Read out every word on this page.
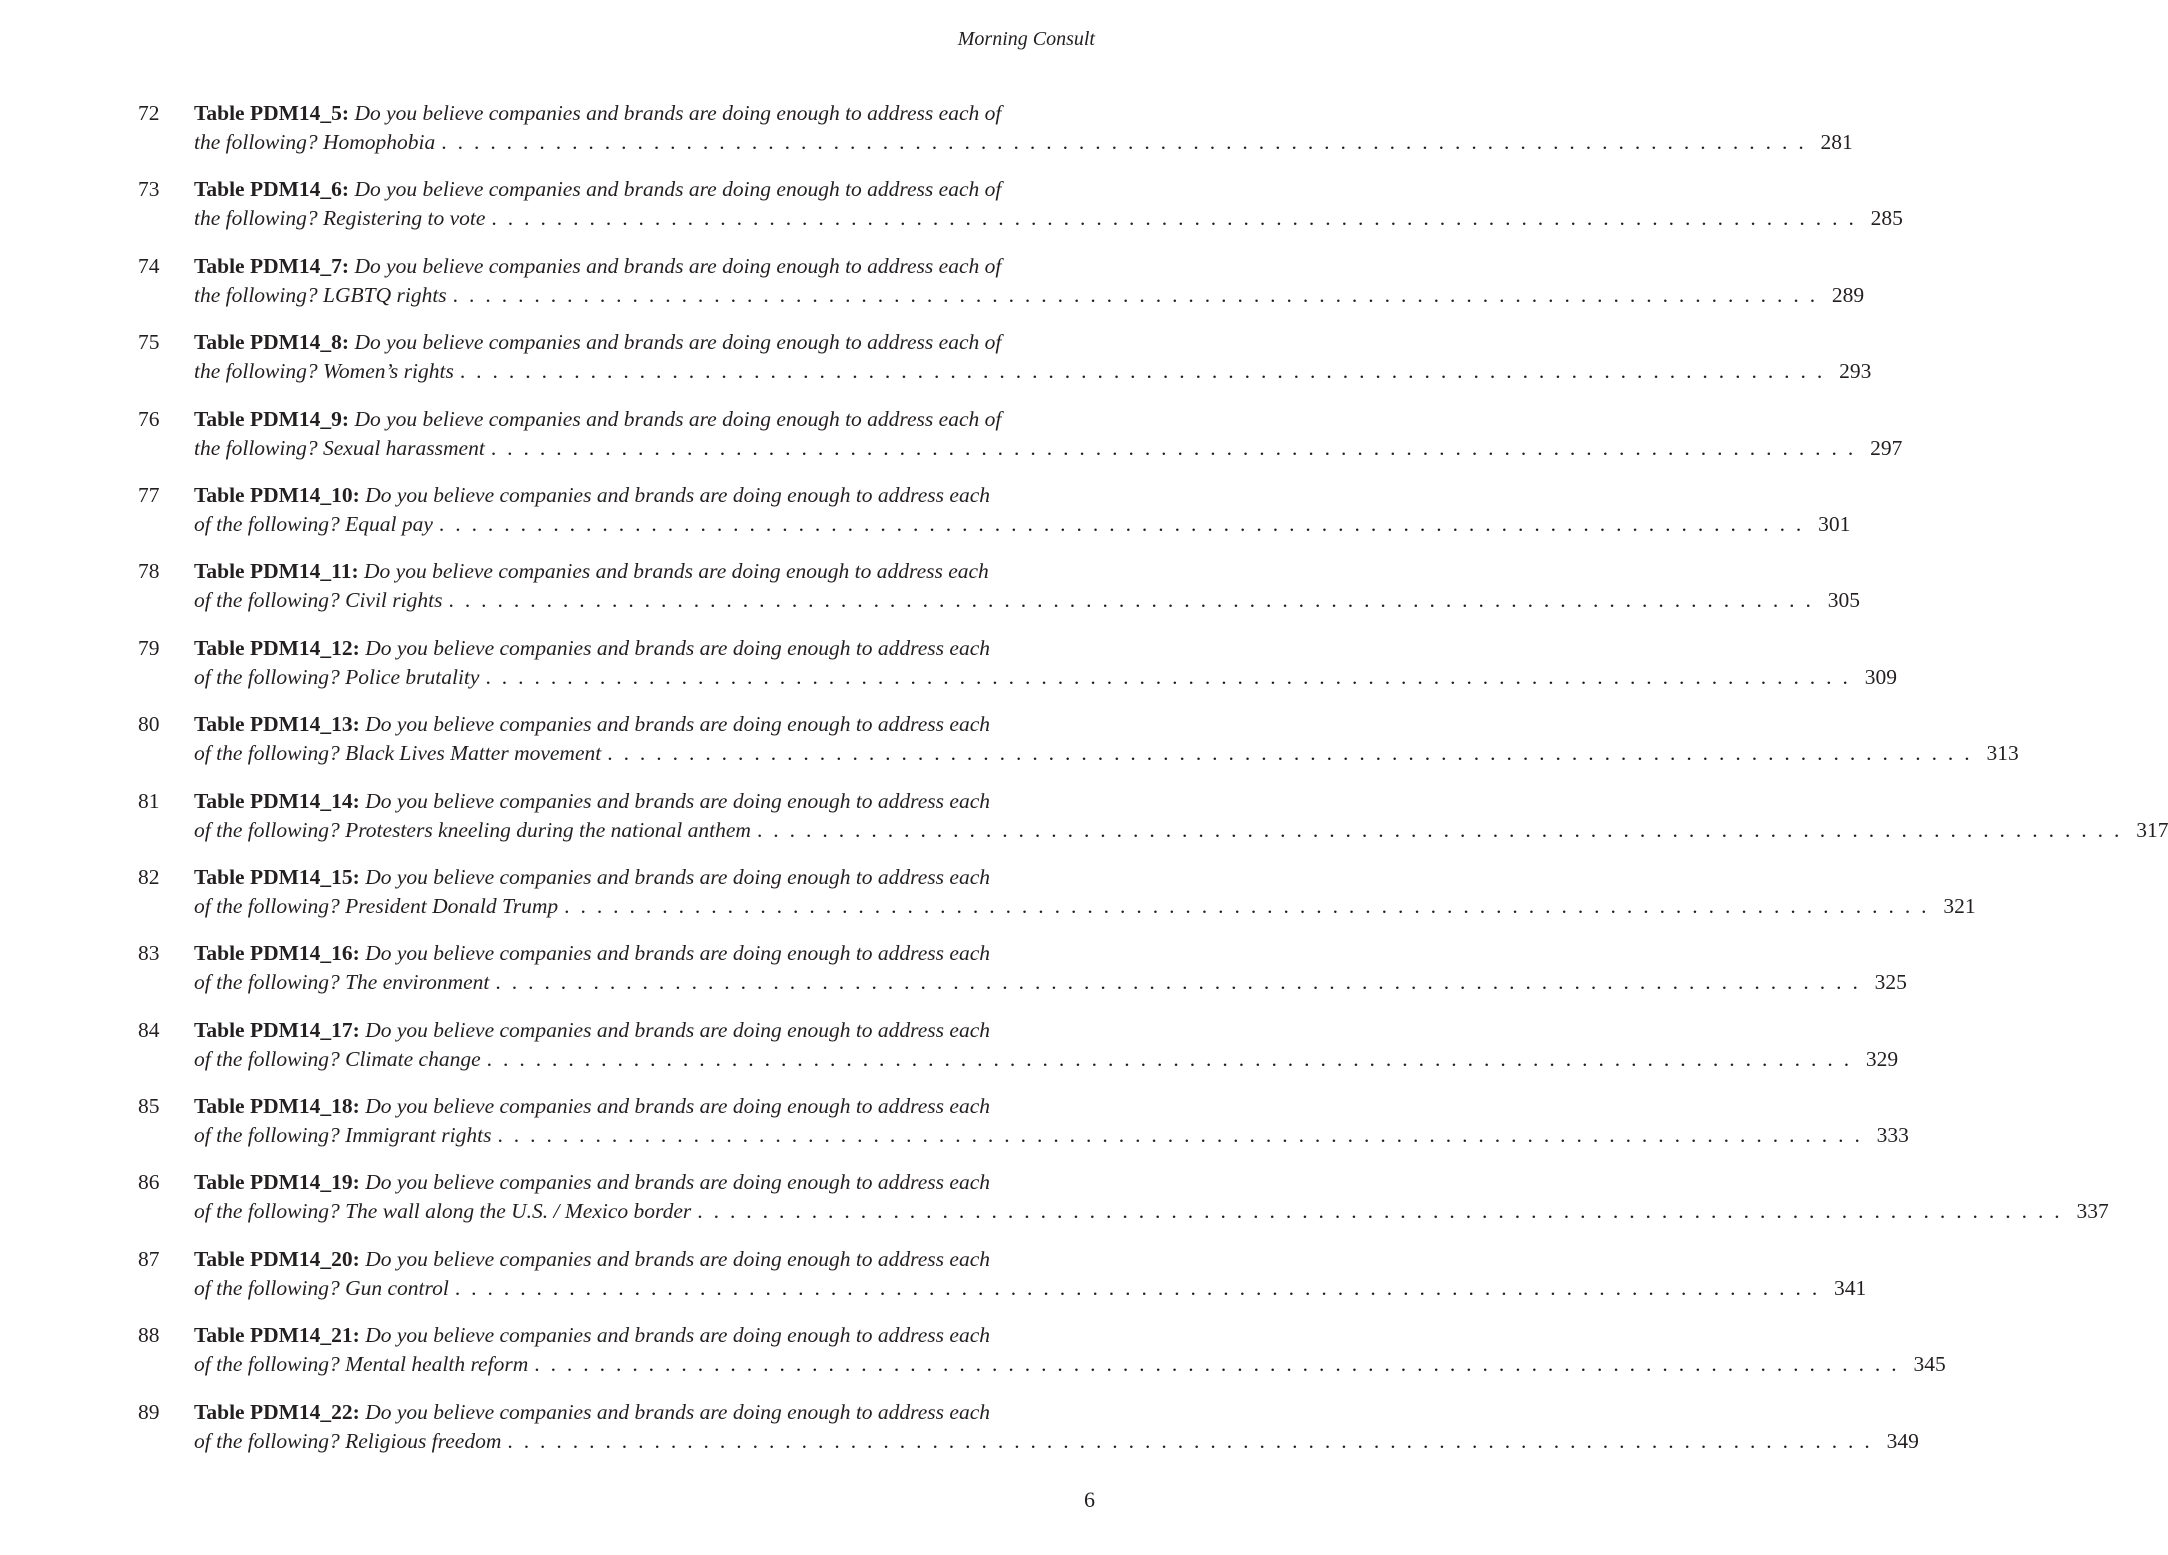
Morning Consult
72 Table PDM14_5: Do you believe companies and brands are doing enough to address each of
the following? Homophobia . . . . . . . . . . . . . . . . . . . . . . . . . . . . . . . . . . . . . . . . . . . . . . . . . . . . . . . . . . . . . . . . . . . . . . . . . . . . . . . . . . . . 281
73 Table PDM14_6: Do you believe companies and brands are doing enough to address each of
the following? Registering to vote . . . . . . . . . . . . . . . . . . . . . . . . . . . . . . . . . . . . . . . . . . . . . . . . . . . . . . . . . . . . . . . . . . . . . . . . . . . . . . . . . . . . 285
74 Table PDM14_7: Do you believe companies and brands are doing enough to address each of
the following? LGBTQ rights . . . . . . . . . . . . . . . . . . . . . . . . . . . . . . . . . . . . . . . . . . . . . . . . . . . . . . . . . . . . . . . . . . . . . . . . . . . . . . . . . . . . 289
75 Table PDM14_8: Do you believe companies and brands are doing enough to address each of
the following? Women’s rights . . . . . . . . . . . . . . . . . . . . . . . . . . . . . . . . . . . . . . . . . . . . . . . . . . . . . . . . . . . . . . . . . . . . . . . . . . . . . . . . . . . . 293
76 Table PDM14_9: Do you believe companies and brands are doing enough to address each of
the following? Sexual harassment . . . . . . . . . . . . . . . . . . . . . . . . . . . . . . . . . . . . . . . . . . . . . . . . . . . . . . . . . . . . . . . . . . . . . . . . . . . . . . . . . . . . 297
77 Table PDM14_10: Do you believe companies and brands are doing enough to address each
of the following? Equal pay . . . . . . . . . . . . . . . . . . . . . . . . . . . . . . . . . . . . . . . . . . . . . . . . . . . . . . . . . . . . . . . . . . . . . . . . . . . . . . . . . . . . 301
78 Table PDM14_11: Do you believe companies and brands are doing enough to address each
of the following? Civil rights . . . . . . . . . . . . . . . . . . . . . . . . . . . . . . . . . . . . . . . . . . . . . . . . . . . . . . . . . . . . . . . . . . . . . . . . . . . . . . . . . . . . 305
79 Table PDM14_12: Do you believe companies and brands are doing enough to address each
of the following? Police brutality . . . . . . . . . . . . . . . . . . . . . . . . . . . . . . . . . . . . . . . . . . . . . . . . . . . . . . . . . . . . . . . . . . . . . . . . . . . . . . . . . . . . 309
80 Table PDM14_13: Do you believe companies and brands are doing enough to address each
of the following? Black Lives Matter movement . . . . . . . . . . . . . . . . . . . . . . . . . . . . . . . . . . . . . . . . . . . . . . . . . . . . . . . . . . . . . . . . . . . . . . . . . . . . . . . . . . . . 313
81 Table PDM14_14: Do you believe companies and brands are doing enough to address each
of the following? Protesters kneeling during the national anthem . . . . . . . . . . . . . . . . . . . . . . . . . . . . . . . . . . . . . . . . . . . . . . . . . . . . . . . . . . . . . . . . . . . . . . . . . . . . . . . . . . . . 317
82 Table PDM14_15: Do you believe companies and brands are doing enough to address each
of the following? President Donald Trump . . . . . . . . . . . . . . . . . . . . . . . . . . . . . . . . . . . . . . . . . . . . . . . . . . . . . . . . . . . . . . . . . . . . . . . . . . . . . . . . . . . . 321
83 Table PDM14_16: Do you believe companies and brands are doing enough to address each
of the following? The environment . . . . . . . . . . . . . . . . . . . . . . . . . . . . . . . . . . . . . . . . . . . . . . . . . . . . . . . . . . . . . . . . . . . . . . . . . . . . . . . . . . . . 325
84 Table PDM14_17: Do you believe companies and brands are doing enough to address each
of the following? Climate change . . . . . . . . . . . . . . . . . . . . . . . . . . . . . . . . . . . . . . . . . . . . . . . . . . . . . . . . . . . . . . . . . . . . . . . . . . . . . . . . . . . . 329
85 Table PDM14_18: Do you believe companies and brands are doing enough to address each
of the following? Immigrant rights . . . . . . . . . . . . . . . . . . . . . . . . . . . . . . . . . . . . . . . . . . . . . . . . . . . . . . . . . . . . . . . . . . . . . . . . . . . . . . . . . . . . 333
86 Table PDM14_19: Do you believe companies and brands are doing enough to address each
of the following? The wall along the U.S. / Mexico border . . . . . . . . . . . . . . . . . . . . . . . . . . . . . . . . . . . . . . . . . . . . . . . . . . . . . . . . . . . . . . . . . . . . . . . . . . . . . . . . . . . . 337
87 Table PDM14_20: Do you believe companies and brands are doing enough to address each
of the following? Gun control . . . . . . . . . . . . . . . . . . . . . . . . . . . . . . . . . . . . . . . . . . . . . . . . . . . . . . . . . . . . . . . . . . . . . . . . . . . . . . . . . . . . 341
88 Table PDM14_21: Do you believe companies and brands are doing enough to address each
of the following? Mental health reform . . . . . . . . . . . . . . . . . . . . . . . . . . . . . . . . . . . . . . . . . . . . . . . . . . . . . . . . . . . . . . . . . . . . . . . . . . . . . . . . . . . . 345
89 Table PDM14_22: Do you believe companies and brands are doing enough to address each
of the following? Religious freedom . . . . . . . . . . . . . . . . . . . . . . . . . . . . . . . . . . . . . . . . . . . . . . . . . . . . . . . . . . . . . . . . . . . . . . . . . . . . . . . . . . . . 349
6
